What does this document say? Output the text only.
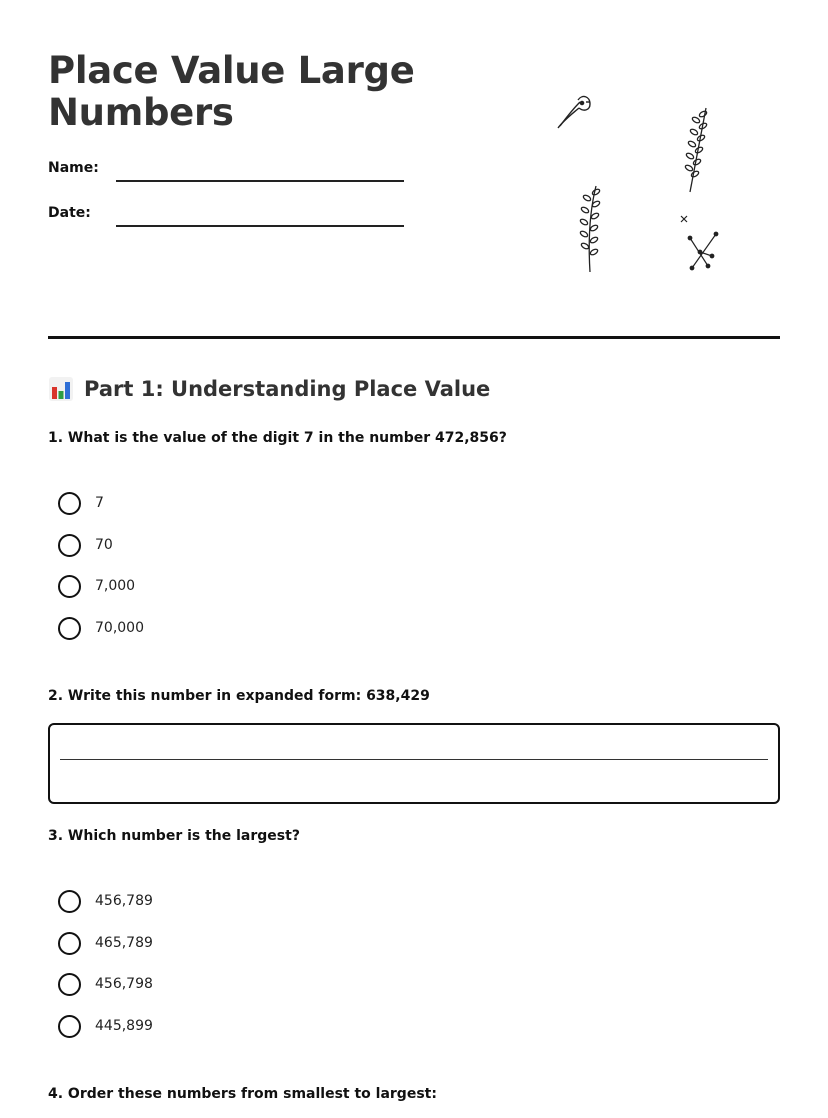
Place Value Large Numbers
Name:
Date:
Part 1: Understanding Place Value

1. What is the value of the digit 7 in the number 472,856?

7
70
7,000
70,000

2. Write this number in expanded form: 638,429

3. Which number is the largest?

456,789
465,789
456,798
445,899

4. Order these numbers from smallest to largest:
